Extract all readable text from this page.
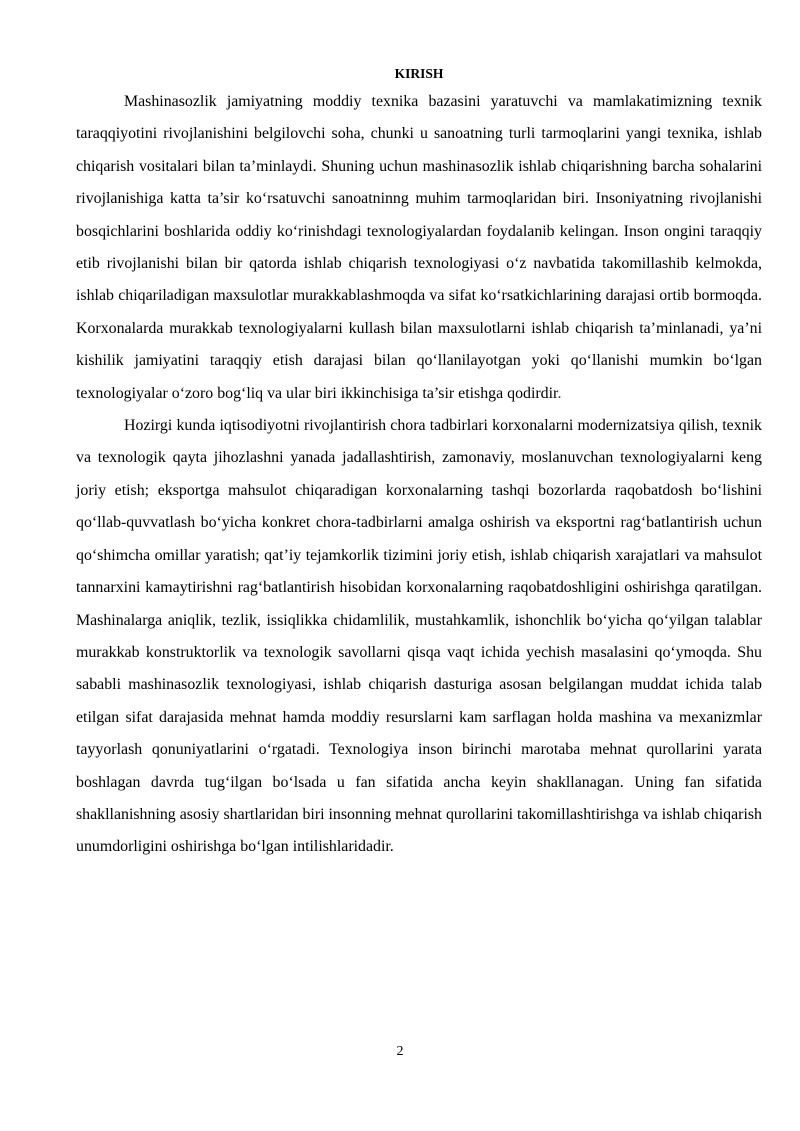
KIRISH

Mashinasozlik jamiyatning moddiy texnika bazasini yaratuvchi va mamlakatimizning texnik taraqqiyotini rivojlanishini belgilovchi soha, chunki u sanoatning turli tarmoqlarini yangi texnika, ishlab chiqarish vositalari bilan ta’minlaydi. Shuning uchun mashinasozlik ishlab chiqarishning barcha sohalarini rivojlanishiga katta ta’sir ko‘rsatuvchi sanoatninng muhim tarmoqlaridan biri. Insoniyatning rivojlanishi bosqichlarini boshlarida oddiy ko‘rinishdagi texnologiyalardan foydalanib kelingan. Inson ongini taraqqiy etib rivojlanishi bilan bir qatorda ishlab chiqarish texnologiyasi o‘z navbatida takomillashib kelmokda, ishlab chiqariladigan maxsulotlar murakkablashmoqda va sifat ko‘rsatkichlarining darajasi ortib bormoqda. Korxonalarda murakkab texnologiyalarni kullash bilan maxsulotlarni ishlab chiqarish ta’minlanadi, ya’ni kishilik jamiyatini taraqqiy etish darajasi bilan qo‘llanilayotgan yoki qo‘llanishi mumkin bo‘lgan texnologiyalar o‘zoro bog‘liq va ular biri ikkinchisiga ta’sir etishga qodirdir.

Hozirgi kunda iqtisodiyotni rivojlantirish chora tadbirlari korxonalarni modernizatsiya qilish, texnik va texnologik qayta jihozlashni yanada jadallashtirish, zamonaviy, moslanuvchan texnologiyalarni keng joriy etish; eksportga mahsulot chiqaradigan korxonalarning tashqi bozorlarda raqobatdosh bo‘lishini qo‘llab-quvvatlash bo‘yicha konkret chora-tadbirlarni amalga oshirish va eksportni rag‘batlantirish uchun qo‘shimcha omillar yaratish; qat’iy tejamkorlik tizimini joriy etish, ishlab chiqarish xarajatlari va mahsulot tannarxini kamaytirishni rag‘batlantirish hisobidan korxonalarning raqobatdoshligini oshirishga qaratilgan. Mashinalarga aniqlik, tezlik, issiqlikka chidamlilik, mustahkamlik, ishonchlik bo‘yicha qo‘yilgan talablar murakkab konstruktorlik va texnologik savollarni qisqa vaqt ichida yechish masalasini qo‘ymoqda. Shu sababli mashinasozlik texnologiyasi, ishlab chiqarish dasturiga asosan belgilangan muddat ichida talab etilgan sifat darajasida mehnat hamda moddiy resurslarni kam sarflagan holda mashina va mexanizmlar tayyorlash qonuniyatlarini o‘rgatadi. Texnologiya inson birinchi marotaba mehnat qurollarini yarata boshlagan davrda tug‘ilgan bo‘lsada u fan sifatida ancha keyin shakllanagan. Uning fan sifatida shakllanishning asosiy shartlaridan biri insonning mehnat qurollarini takomillashtirishga va ishlab chiqarish unumdorligini oshirishga bo‘lgan intilishlaridadir.

2
